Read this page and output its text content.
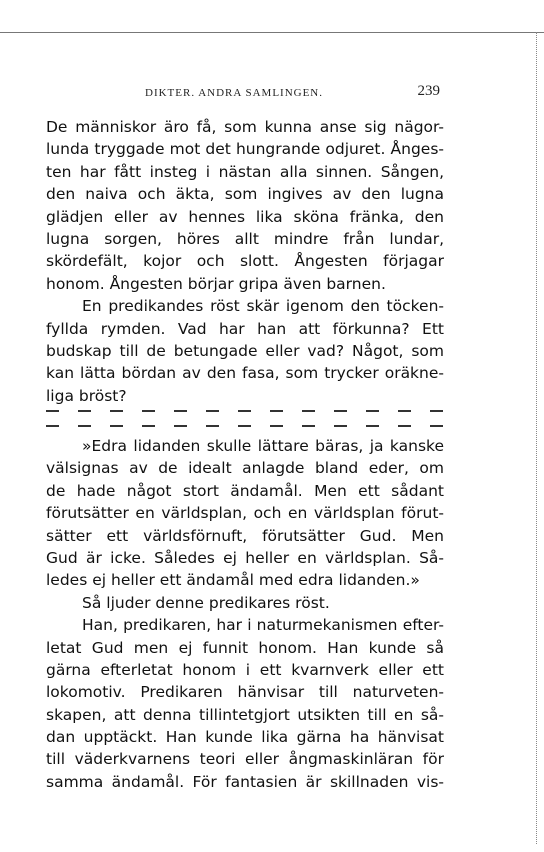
DIKTER. ANDRA SAMLINGEN.	239
De människor äro få, som kunna anse sig nägor-
lunda tryggade mot det hungrande odjuret. Ånges-
ten har fått insteg i nästan alla sinnen. Sången,
den naiva och äkta, som ingives av den lugna
glädjen eller av hennes lika sköna fränka, den
lugna sorgen, höres allt mindre från lundar,
skördefält, kojor och slott. Ångesten förjagar
honom. Ångesten börjar gripa även barnen.
En predikandes röst skär igenom den töcken-
fyllda rymden. Vad har han att förkunna? Ett
budskap till de betungade eller vad? Något, som
kan lätta bördan av den fasa, som trycker oräkne-
liga bröst?
»Edra lidanden skulle lättare bäras, ja kanske
välsignas av de idealt anlagde bland eder, om
de hade något stort ändamål. Men ett sådant
förutsätter en världsplan, och en världsplan förut-
sätter ett världsförnuft, förutsätter Gud. Men
Gud är icke. Således ej heller en världsplan. Så-
ledes ej heller ett ändamål med edra lidanden.»
Så ljuder denne predikares röst.
Han, predikaren, har i naturmekanismen efter-
letat Gud men ej funnit honom. Han kunde så
gärna efterletat honom i ett kvarnverk eller ett
lokomotiv. Predikaren hänvisar till naturveten-
skapen, att denna tillintetgjort utsikten till en så-
dan upptäckt. Han kunde lika gärna ha hänvisat
till väderkvarnens teori eller ångmaskinläran för
samma ändamål. För fantasien är skillnaden vis-
